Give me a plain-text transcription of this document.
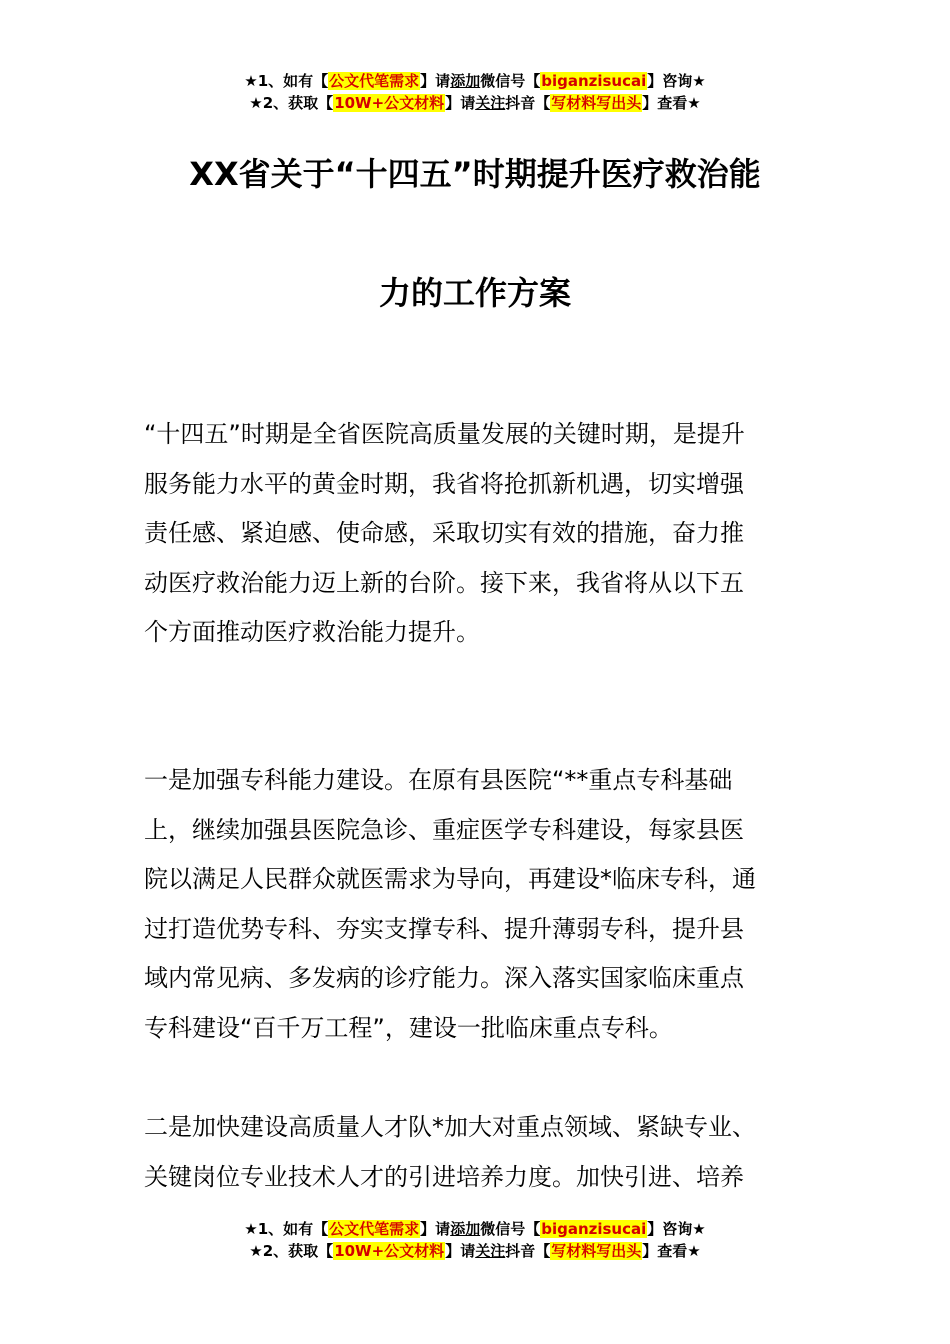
★1、如有【公文代笔需求】请添加微信号【biganzisucai】咨询★
★2、获取【10W+公文材料】请关注抖音【写材料写出头】查看★
XX省关于“十四五”时期提升医疗救治能
力的工作方案
“十四五”时期是全省医院高质量发展的关键时期，是提升
服务能力水平的黄金时期，我省将抢抓新机遇，切实增强
责任感、紧迫感、使命感，采取切实有效的措施，奋力推
动医疗救治能力迈上新的台阶。接下来，我省将从以下五
个方面推动医疗救治能力提升。
一是加强专科能力建设。在原有县医院“**重点专科基础
上，继续加强县医院急诊、重症医学专科建设，每家县医
院以满足人民群众就医需求为导向，再建设*临床专科，通
过打造优势专科、夯实支撑专科、提升薄弱专科，提升县
域内常见病、多发病的诊疗能力。深入落实国家临床重点
专科建设“百千万工程”，建设一批临床重点专科。
二是加快建设高质量人才队*加大对重点领域、紧缺专业、
关键岗位专业技术人才的引进培养力度。加快引进、培养
★1、如有【公文代笔需求】请添加微信号【biganzisucai】咨询★
★2、获取【10W+公文材料】请关注抖音【写材料写出头】查看★
